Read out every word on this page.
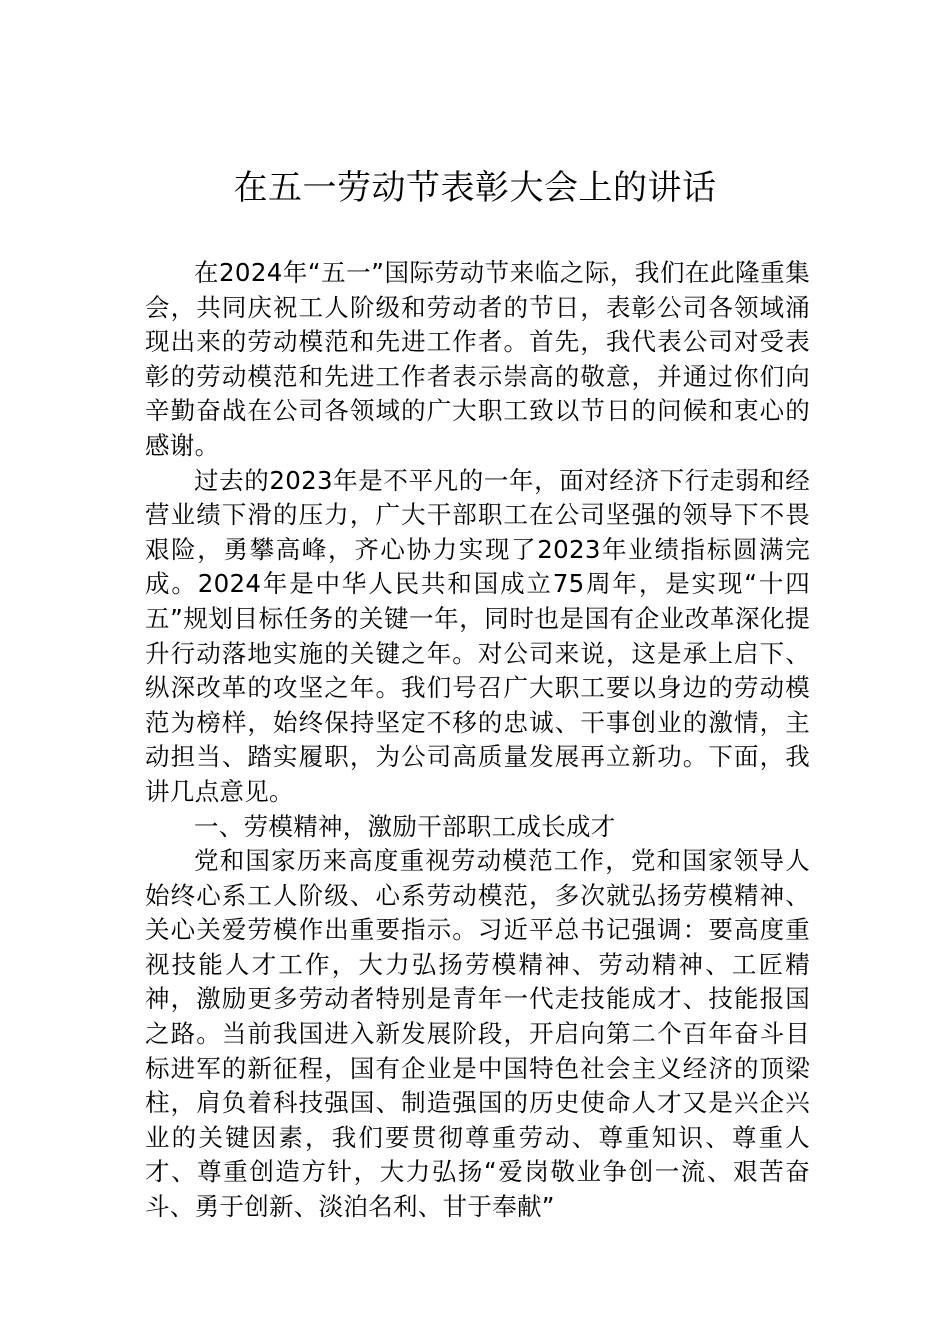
在五一劳动节表彰大会上的讲话

在2024年“五一”国际劳动节来临之际，我们在此隆重集会，共同庆祝工人阶级和劳动者的节日，表彰公司各领域涌现出来的劳动模范和先进工作者。首先，我代表公司对受表彰的劳动模范和先进工作者表示崇高的敬意，并通过你们向辛勤奋战在公司各领域的广大职工致以节日的问候和衷心的感谢。

过去的2023年是不平凡的一年，面对经济下行走弱和经营业绩下滑的压力，广大干部职工在公司坚强的领导下不畏艰险，勇攀高峰，齐心协力实现了2023年业绩指标圆满完成。2024年是中华人民共和国成立75周年，是实现“十四五”规划目标任务的关键一年，同时也是国有企业改革深化提升行动落地实施的关键之年。对公司来说，这是承上启下、纵深改革的攻坚之年。我们号召广大职工要以身边的劳动模范为榜样，始终保持坚定不移的忠诚、干事创业的激情，主动担当、踏实履职，为公司高质量发展再立新功。下面，我讲几点意见。

一、劳模精神，激励干部职工成长成才

党和国家历来高度重视劳动模范工作，党和国家领导人始终心系工人阶级、心系劳动模范，多次就弘扬劳模精神、关心关爱劳模作出重要指示。习近平总书记强调：要高度重视技能人才工作，大力弘扬劳模精神、劳动精神、工匠精神，激励更多劳动者特别是青年一代走技能成才、技能报国之路。当前我国进入新发展阶段，开启向第二个百年奋斗目标进军的新征程，国有企业是中国特色社会主义经济的顶梁柱，肩负着科技强国、制造强国的历史使命人才又是兴企兴业的关键因素，我们要贯彻尊重劳动、尊重知识、尊重人才、尊重创造方针，大力弘扬“爱岗敬业争创一流、艰苦奋斗、勇于创新、淡泊名利、甘于奉献”
